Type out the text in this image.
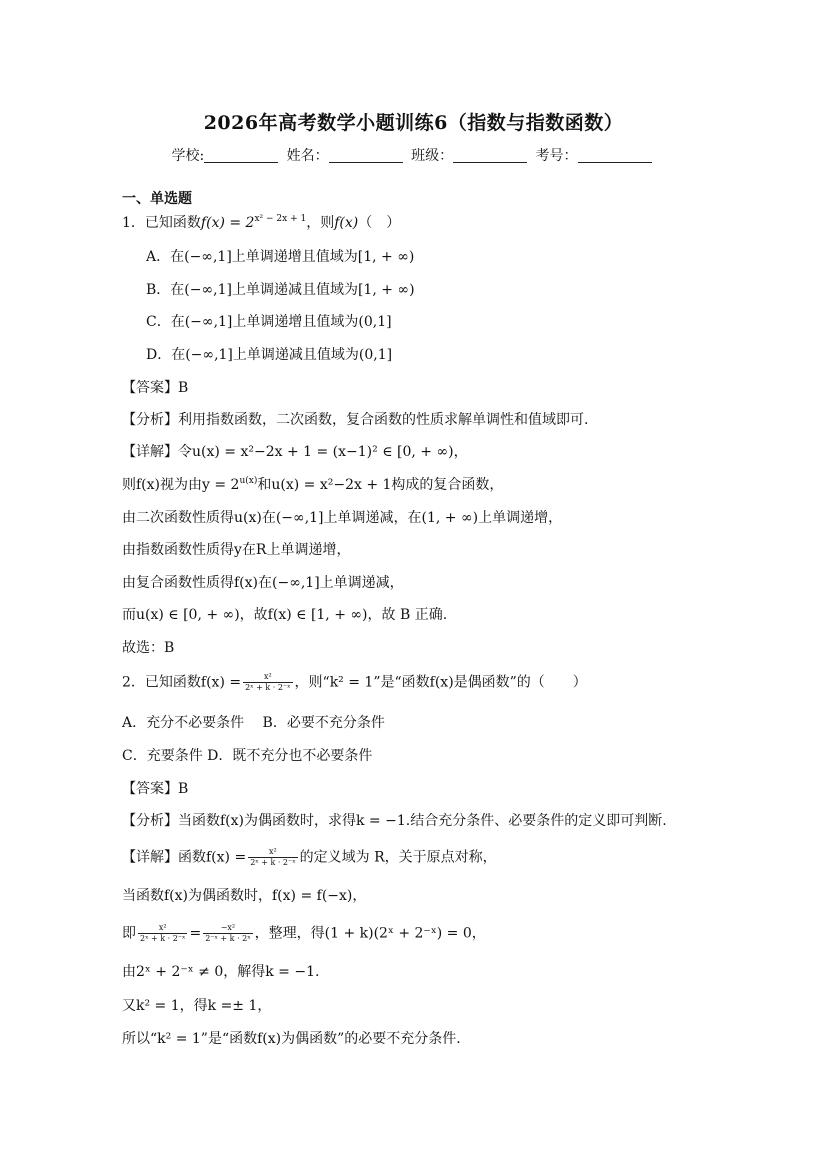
2026年高考数学小题训练6（指数与指数函数）
学校:	姓名：	班级：	考号：
一、单选题
1．已知函数$f(x) = 2^{x^2 - 2x + 1}$，则f(x)（　）
A．在(−∞,1]上单调递增且值域为[1, + ∞)
B．在(−∞,1]上单调递减且值域为[1, + ∞)
C．在(−∞,1]上单调递增且值域为(0,1]
D．在(−∞,1]上单调递减且值域为(0,1]
【答案】B
【分析】利用指数函数，二次函数，复合函数的性质求解单调性和值域即可.
【详解】令u(x) = x²−2x + 1 = (x−1)² ∈ [0, + ∞)，
则f(x)视为由$y = 2^{u(x)}$和u(x) = x²−2x + 1构成的复合函数，
由二次函数性质得u(x)在(−∞,1]上单调递减，在(1, + ∞)上单调递增，
由指数函数性质得y在R上单调递增，
由复合函数性质得f(x)在(−∞,1]上单调递减，
而u(x) ∈ [0, + ∞)，故f(x) ∈ [1, + ∞)，故 B 正确.
故选：B
2．已知函数$f(x) = \frac{\text{x²}}{\text{2ˣ + k · 2⁻ˣ}}$ ，则“k² = 1”是“函数f(x)是偶函数”的（　　）
A．充分不必要条件　 B．必要不充分条件
C．充要条件 D．既不充分也不必要条件
【答案】B
【分析】当函数f(x)为偶函数时，求得k = −1.结合充分条件、必要条件的定义即可判断.
【详解】函数$f(x) = \frac{\text{x²}}{\text{2ˣ + k · 2⁻ˣ}}$ 的定义域为 R，关于原点对称，
当函数f(x)为偶函数时，f(x) = f(−x)，
即 $\frac{\text{x²}}{\text{2ˣ + k · 2⁻ˣ}} = \frac{\text{−x²}}{\text{2⁻ˣ + k · 2ˣ}}$ ，整理，得(1 + k)(2ˣ + 2⁻ˣ) = 0，
由2ˣ + 2⁻ˣ ≠ 0，解得k = −1.
又k² = 1，得k =± 1，
所以“k² = 1”是“函数f(x)为偶函数”的必要不充分条件.
